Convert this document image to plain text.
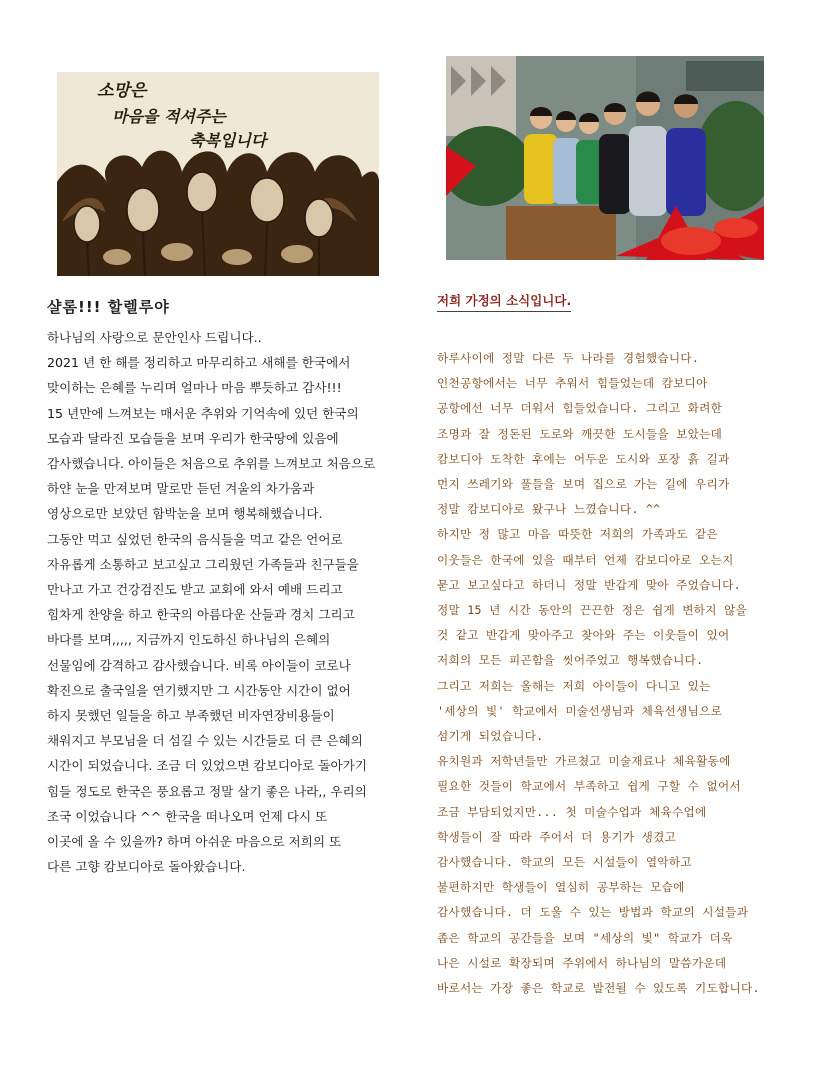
소망은
마음을 적셔주는
축복입니다
샬롬!!! 할렐루야
하나님의 사랑으로 문안인사 드립니다..
2021 년 한 해를 정리하고 마무리하고 새해를 한국에서
맞이하는 은혜를 누리며 얼마나 마음 뿌듯하고 감사!!!
15 년만에 느껴보는 매서운 추위와 기억속에 있던 한국의
모습과 달라진 모습들을 보며 우리가 한국땅에 있음에
감사했습니다. 아이들은 처음으로 추위를 느껴보고 처음으로
하얀 눈을 만져보며 말로만 듣던 겨울의 차가움과
영상으로만 보았던 함박눈을 보며 행복해했습니다.
그동안 먹고 싶었던 한국의 음식들을 먹고 같은 언어로
자유롭게 소통하고 보고싶고 그리웠던 가족들과 친구들을
만나고 가고 건강검진도 받고 교회에 와서 예배 드리고
힘차게 찬양을 하고 한국의 아름다운 산들과 경치 그리고
바다를 보며,,,,, 지금까지 인도하신 하나님의 은혜의
선물임에 감격하고 감사했습니다. 비록 아이들이 코로나
확진으로 출국일을 연기했지만 그 시간동안 시간이 없어
하지 못했던 일들을 하고 부족했던 비자연장비용들이
채워지고 부모님을 더 섬길 수 있는 시간들로 더 큰 은혜의
시간이 되었습니다. 조금 더 있었으면 캄보디아로 돌아가기
힘들 정도로 한국은 풍요롭고 정말 살기 좋은 나라,, 우리의
조국 이었습니다 ^^ 한국을 떠나오며 언제 다시 또
이곳에 올 수 있을까? 하며 아쉬운 마음으로 저희의 또
다른 고향 캄보디아로 돌아왔습니다.
저희 가정의 소식입니다.
하루사이에 정말 다른 두 나라를 경험했습니다.
인천공항에서는 너무 추워서 힘들었는데 캄보디아
공항에선 너무 더워서 힘들었습니다. 그리고 화려한
조명과 잘 정돈된 도로와 깨끗한 도시들을 보았는데
캄보디아 도착한 후에는 어두운 도시와 포장 흙 길과
먼지 쓰레기와 풀들을 보며 집으로 가는 길에 우리가
정말 캄보디아로 왔구나 느꼈습니다. ^^
하지만 정 많고 마음 따뜻한 저희의 가족과도 같은
이웃들은 한국에 있을 때부터 언제 캄보디아로 오는지
묻고 보고싶다고 하더니 정말 반갑게 맞아 주었습니다.
정말 15 년 시간 동안의 끈끈한 정은 쉽게 변하지 않을
것 같고 반갑게 맞아주고 찾아와 주는 이웃들이 있어
저희의 모든 피곤함을 씻어주었고 행복했습니다.
그리고 저희는 올해는 저희 아이들이 다니고 있는
'세상의 빛' 학교에서 미술선생님과 체육선생님으로
섬기게 되었습니다.
유치원과 저학년들만 가르쳤고 미술재료나 체육활동에
필요한 것들이 학교에서 부족하고 쉽게 구할 수 없어서
조금 부담되었지만... 첫 미술수업과 체육수업에
학생들이 잘 따라 주어서 더 용기가 생겼고
감사했습니다. 학교의 모든 시설들이 열악하고
불편하지만 학생들이 열심히 공부하는 모습에
감사했습니다. 더 도울 수 있는 방법과 학교의 시설들과
좁은 학교의 공간들을 보며 "세상의 빛" 학교가 더욱
나은 시설로 확장되며 주위에서 하나님의 말씀가운데
바로서는 가장 좋은 학교로 발전될 수 있도록 기도합니다.
